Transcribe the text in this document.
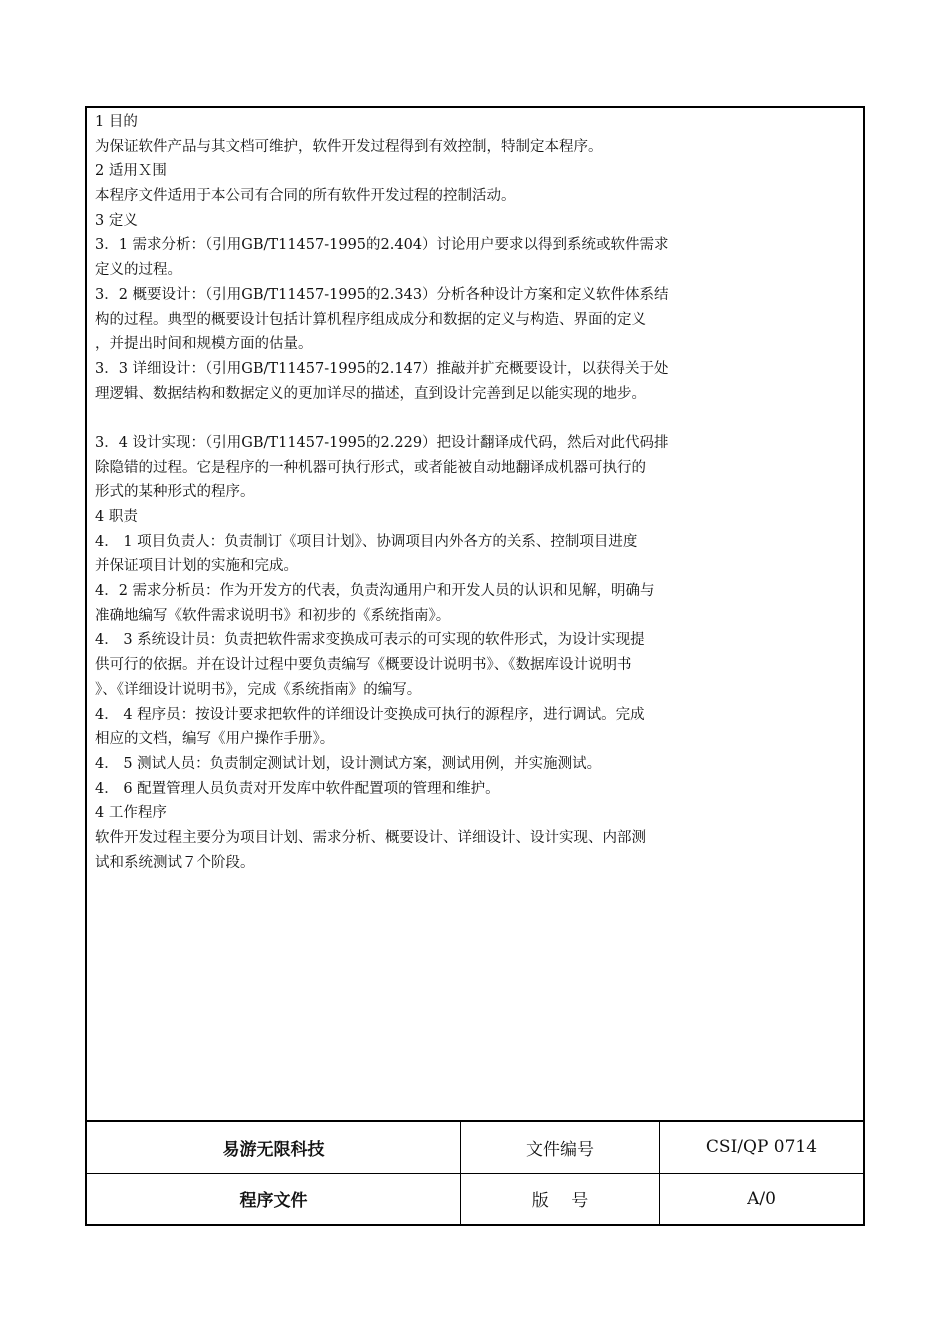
1 目的
为保证软件产品与其文档可维护，软件开发过程得到有效控制，特制定本程序。
2 适用Ｘ围
本程序文件适用于本公司有合同的所有软件开发过程的控制活动。
3 定义
3．1 需求分析：（引用GB/T11457-1995的2.404）讨论用户要求以得到系统或软件需求
定义的过程。
3．2 概要设计：（引用GB/T11457-1995的2.343）分析各种设计方案和定义软件体系结
构的过程。典型的概要设计包括计算机程序组成成分和数据的定义与构造、界面的定义
，并提出时间和规模方面的估量。
3．3 详细设计：（引用GB/T11457-1995的2.147）推敲并扩充概要设计，以获得关于处
理逻辑、数据结构和数据定义的更加详尽的描述，直到设计完善到足以能实现的地步。
3．4 设计实现：（引用GB/T11457-1995的2.229）把设计翻译成代码，然后对此代码排
除隐错的过程。它是程序的一种机器可执行形式，或者能被自动地翻译成机器可执行的
形式的某种形式的程序。
4 职责
4． 1 项目负责人：负责制订《项目计划》、协调项目内外各方的关系、控制项目进度
并保证项目计划的实施和完成。
4．2 需求分析员：作为开发方的代表，负责沟通用户和开发人员的认识和见解，明确与
准确地编写《软件需求说明书》和初步的《系统指南》。
4． 3 系统设计员：负责把软件需求变换成可表示的可实现的软件形式，为设计实现提
供可行的依据。并在设计过程中要负责编写《概要设计说明书》、《数据库设计说明书
》、《详细设计说明书》，完成《系统指南》的编写。
4． 4 程序员：按设计要求把软件的详细设计变换成可执行的源程序，进行调试。完成
相应的文档，编写《用户操作手册》。
4． 5 测试人员：负责制定测试计划，设计测试方案，测试用例，并实施测试。
4． 6 配置管理人员负责对开发库中软件配置项的管理和维护。
4 工作程序
软件开发过程主要分为项目计划、需求分析、概要设计、详细设计、设计实现、内部测
试和系统测试７个阶段。
易游无限科技	文件编号	CSI/QP 0714
程序文件	版　 号	A/0
